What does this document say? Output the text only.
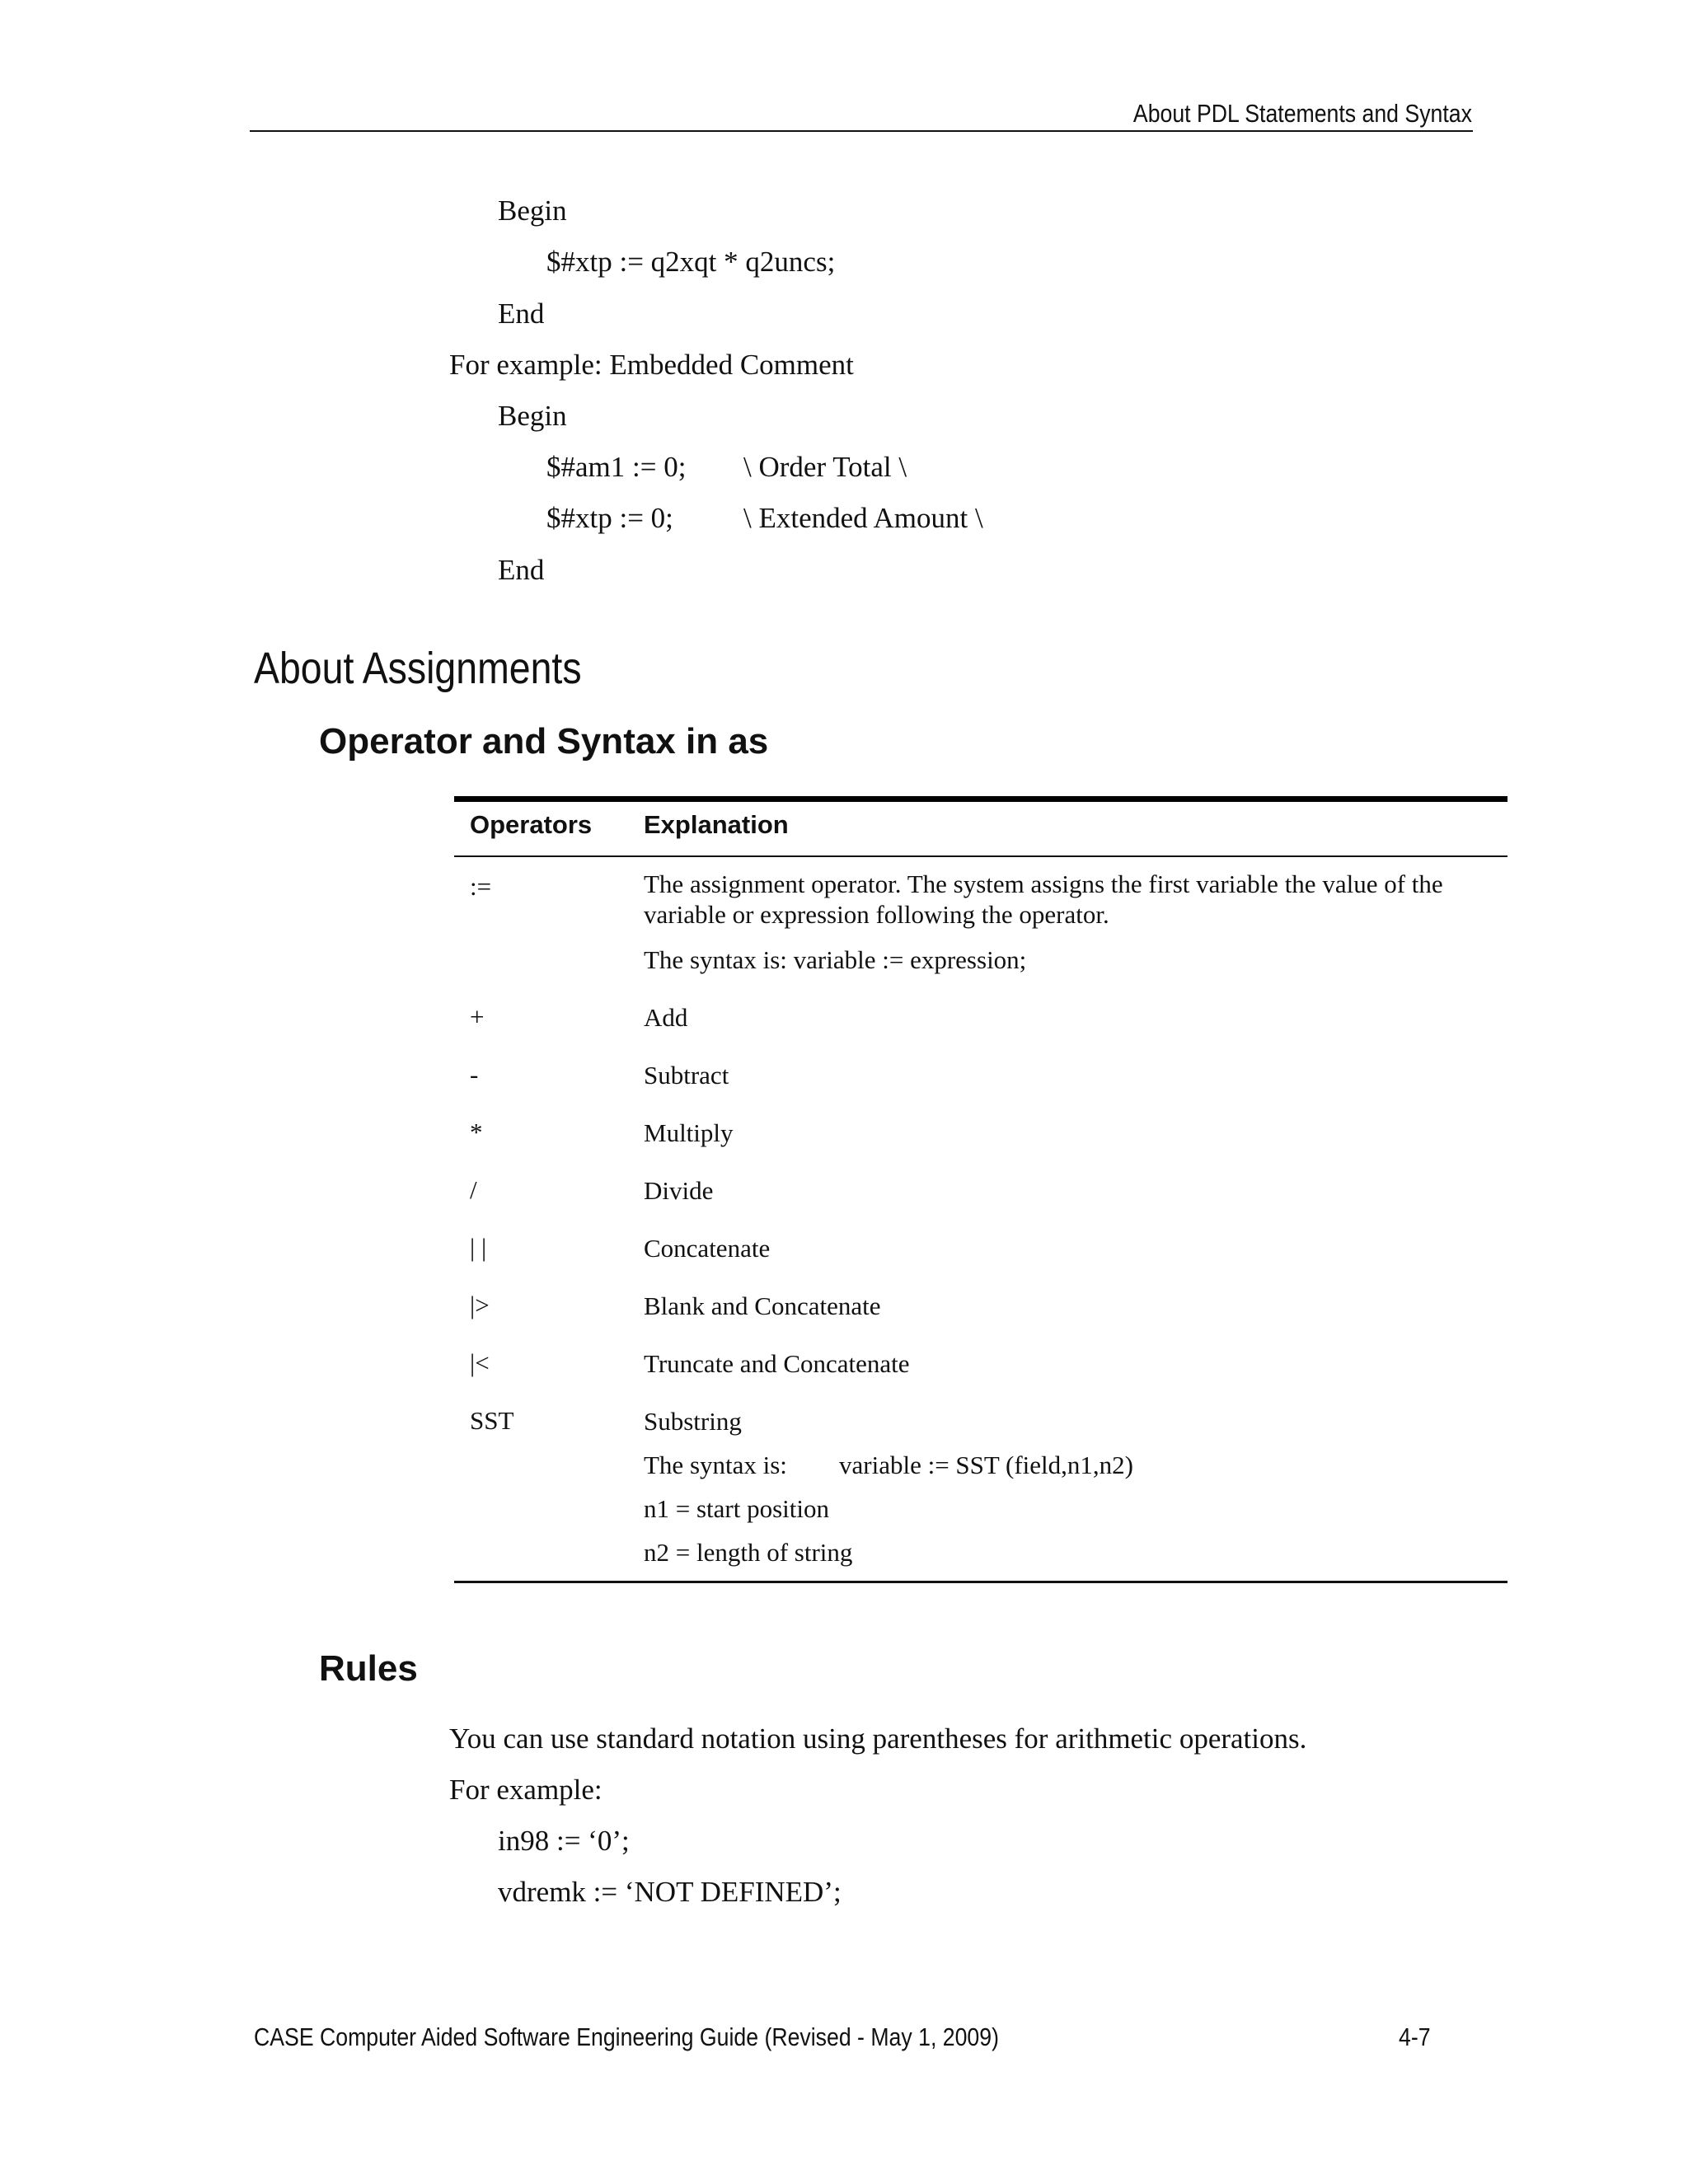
About PDL Statements and Syntax
Begin
$#xtp := q2xqt * q2uncs;
End
For example: Embedded Comment
Begin
$#am1 := 0; \ Order Total \
$#xtp := 0; \ Extended Amount \
End
About Assignments
Operator and Syntax in as
Operators Explanation
:=	The assignment operator. The system assigns the first variable the value of the variable or expression following the operator.
The syntax is: variable := expression;
+	Add
-	Subtract
*	Multiply
/	Divide
| |	Concatenate
|>	Blank and Concatenate
|<	Truncate and Concatenate
SST	Substring
The syntax is: variable := SST (field,n1,n2)
n1 = start position
n2 = length of string
Rules
You can use standard notation using parentheses for arithmetic operations.
For example:
in98 := ‘0’;
vdremk := ‘NOT DEFINED’;
CASE Computer Aided Software Engineering Guide (Revised - May 1, 2009)	4-7
